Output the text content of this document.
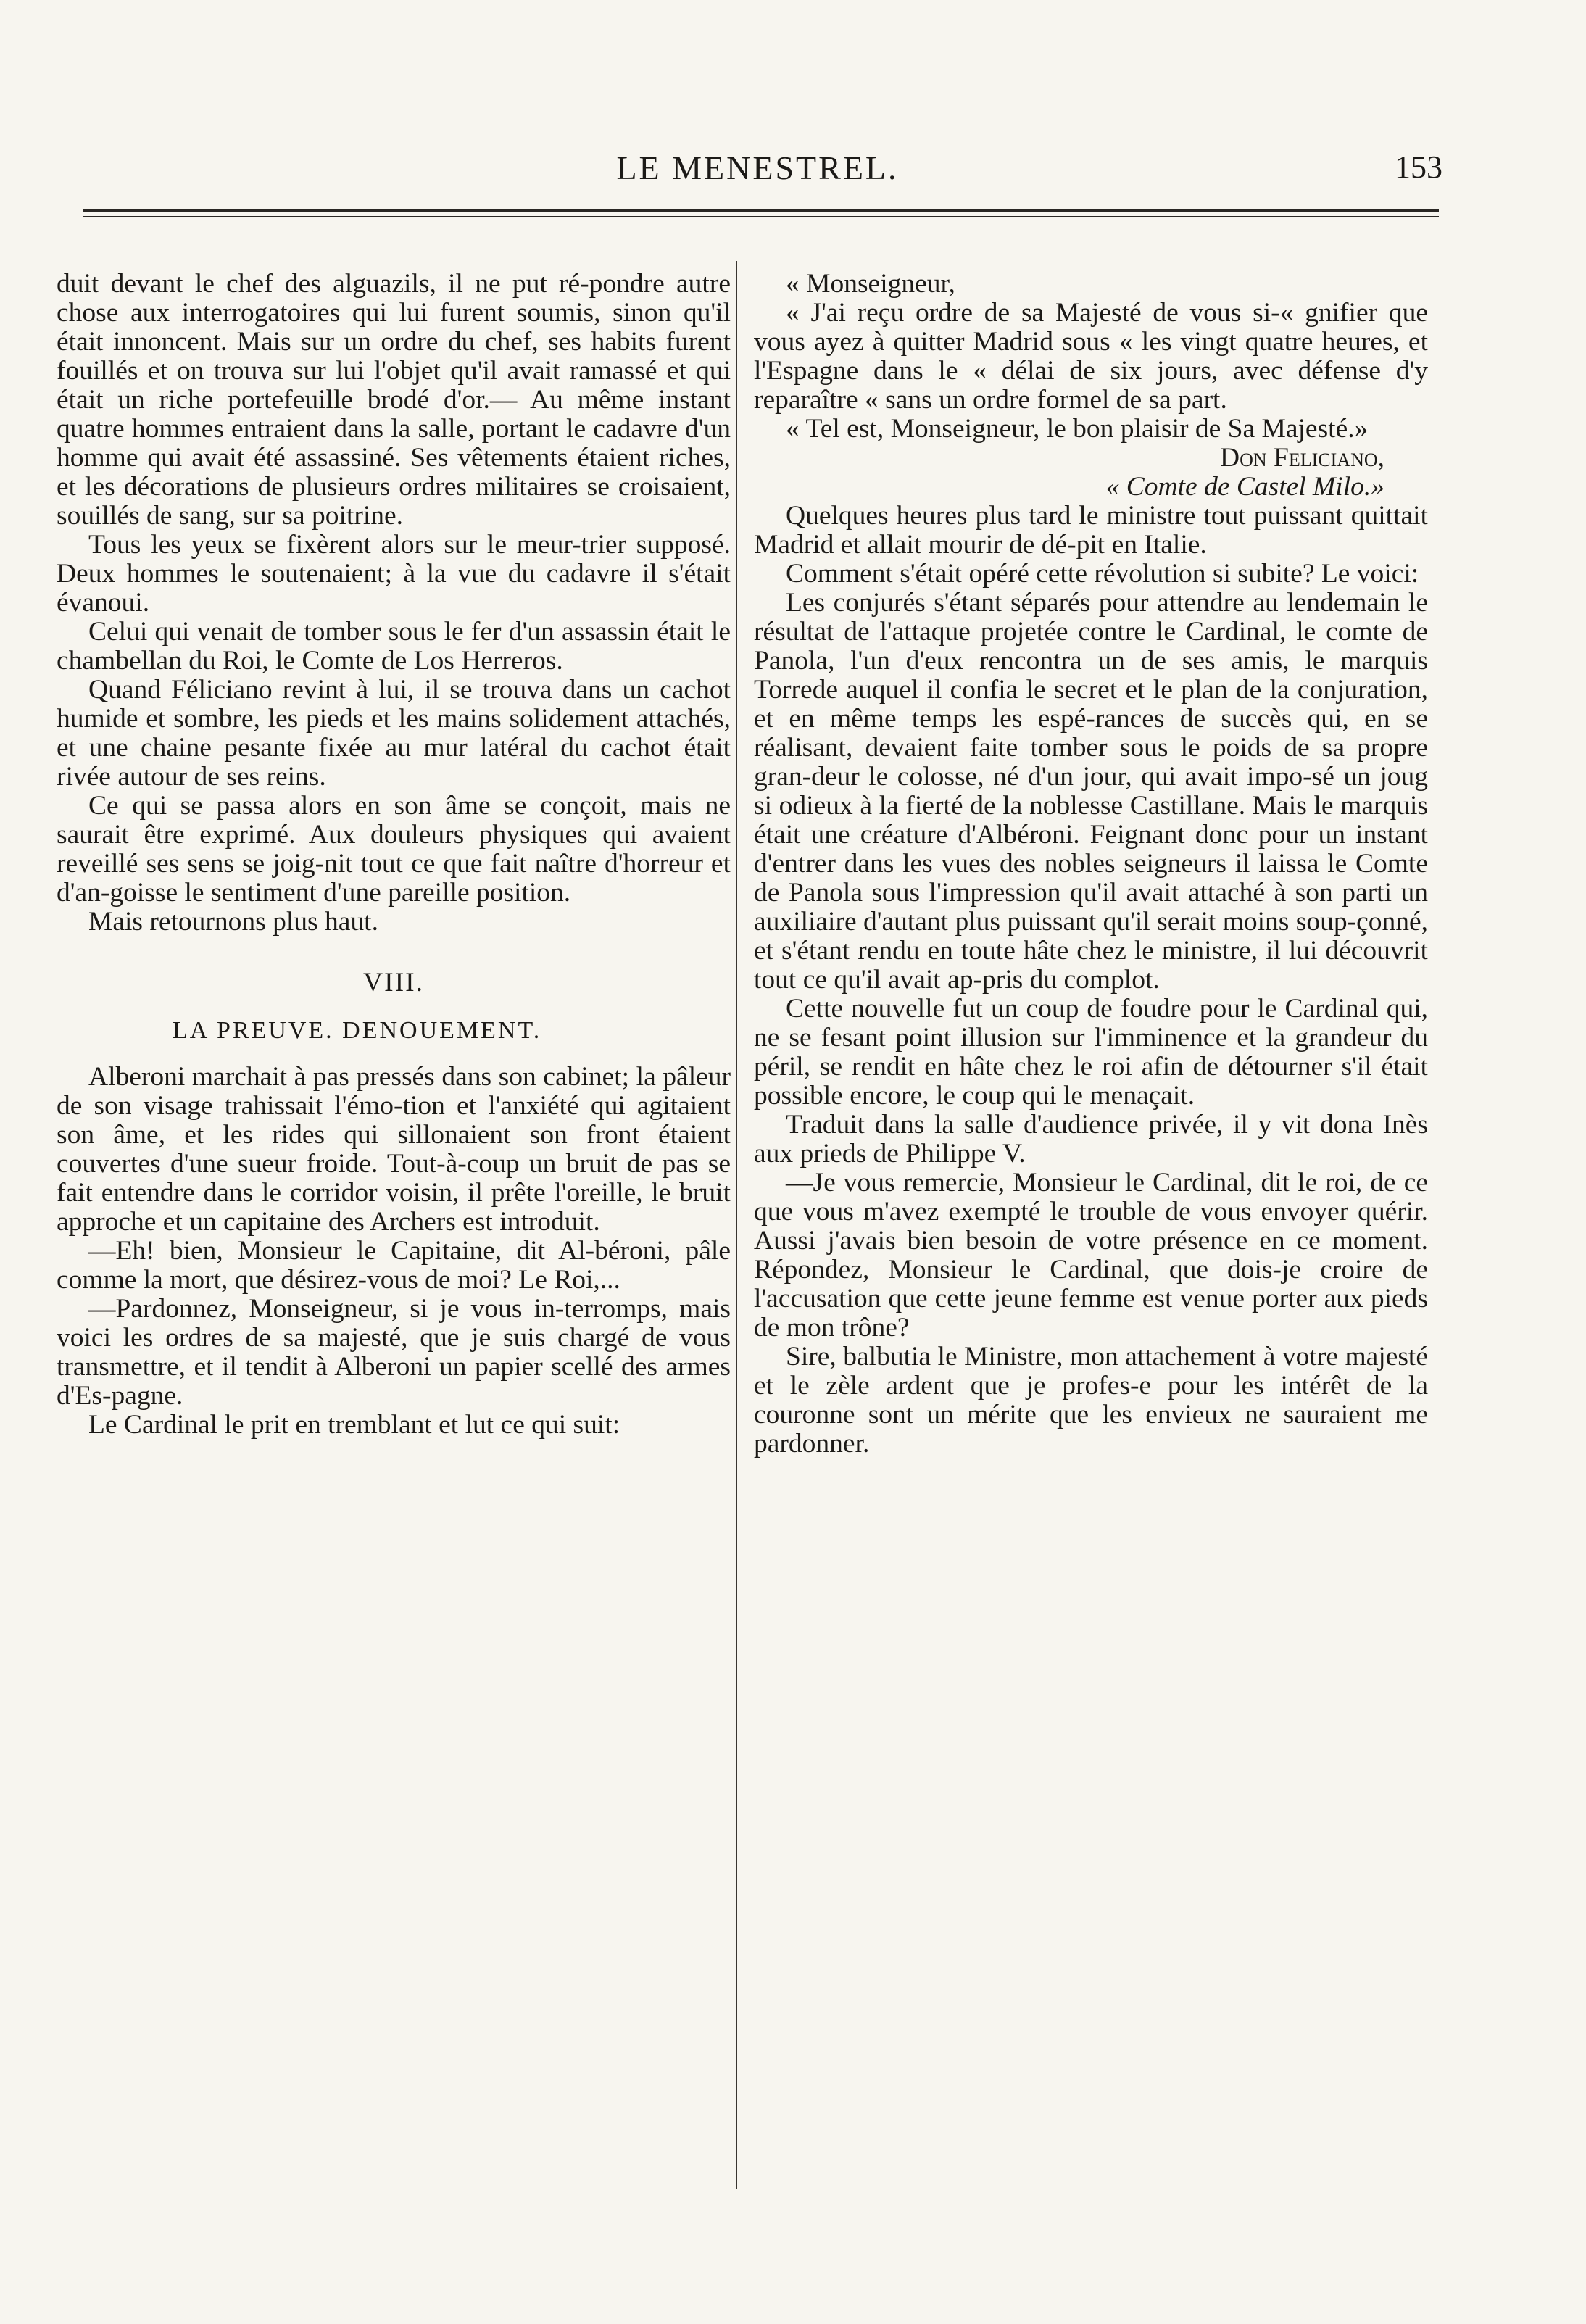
LE MENESTREL.	153

duit devant le chef des alguazils, il ne put ré-pondre autre chose aux interrogatoires qui lui furent soumis, sinon qu'il était innoncent. Mais sur un ordre du chef, ses habits furent fouillés et on trouva sur lui l'objet qu'il avait ramassé et qui était un riche portefeuille brodé d'or.— Au même instant quatre hommes entraient dans la salle, portant le cadavre d'un homme qui avait été assassiné. Ses vêtements étaient riches, et les décorations de plusieurs ordres militaires se croisaient, souillés de sang, sur sa poitrine.

Tous les yeux se fixèrent alors sur le meur-trier supposé. Deux hommes le soutenaient; à la vue du cadavre il s'était évanoui.

Celui qui venait de tomber sous le fer d'un assassin était le chambellan du Roi, le Comte de Los Herreros.

Quand Féliciano revint à lui, il se trouva dans un cachot humide et sombre, les pieds et les mains solidement attachés, et une chaine pesante fixée au mur latéral du cachot était rivée autour de ses reins.

Ce qui se passa alors en son âme se conçoit, mais ne saurait être exprimé. Aux douleurs physiques qui avaient reveillé ses sens se joig-nit tout ce que fait naître d'horreur et d'an-goisse le sentiment d'une pareille position.

Mais retournons plus haut.

VIII.
LA PREUVE. DENOUEMENT.

Alberoni marchait à pas pressés dans son cabinet; la pâleur de son visage trahissait l'émo-tion et l'anxiété qui agitaient son âme, et les rides qui sillonaient son front étaient couvertes d'une sueur froide. Tout-à-coup un bruit de pas se fait entendre dans le corridor voisin, il prête l'oreille, le bruit approche et un capitaine des Archers est introduit.

—Eh! bien, Monsieur le Capitaine, dit Al-béroni, pâle comme la mort, que désirez-vous de moi? Le Roi,...

—Pardonnez, Monseigneur, si je vous in-terromps, mais voici les ordres de sa majesté, que je suis chargé de vous transmettre, et il tendit à Alberoni un papier scellé des armes d'Es-pagne.

Le Cardinal le prit en tremblant et lut ce qui suit:

« Monseigneur,

« J'ai reçu ordre de sa Majesté de vous si-« gnifier que vous ayez à quitter Madrid sous « les vingt quatre heures, et l'Espagne dans le « délai de six jours, avec défense d'y reparaître « sans un ordre formel de sa part.

« Tel est, Monseigneur, le bon plaisir de Sa Majesté.»

Don Feliciano,

« Comte de Castel Milo.»

Quelques heures plus tard le ministre tout puissant quittait Madrid et allait mourir de dé-pit en Italie.

Comment s'était opéré cette révolution si subite? Le voici:

Les conjurés s'étant séparés pour attendre au lendemain le résultat de l'attaque projetée contre le Cardinal, le comte de Panola, l'un d'eux rencontra un de ses amis, le marquis Torrede auquel il confia le secret et le plan de la conjuration, et en même temps les espé-rances de succès qui, en se réalisant, devaient faite tomber sous le poids de sa propre gran-deur le colosse, né d'un jour, qui avait impo-sé un joug si odieux à la fierté de la noblesse Castillane. Mais le marquis était une créature d'Albéroni. Feignant donc pour un instant d'entrer dans les vues des nobles seigneurs il laissa le Comte de Panola sous l'impression qu'il avait attaché à son parti un auxiliaire d'autant plus puissant qu'il serait moins soup-çonné, et s'étant rendu en toute hâte chez le ministre, il lui découvrit tout ce qu'il avait ap-pris du complot.

Cette nouvelle fut un coup de foudre pour le Cardinal qui, ne se fesant point illusion sur l'imminence et la grandeur du péril, se rendit en hâte chez le roi afin de détourner s'il était possible encore, le coup qui le menaçait.

Traduit dans la salle d'audience privée, il y vit dona Inès aux prieds de Philippe V.

—Je vous remercie, Monsieur le Cardinal, dit le roi, de ce que vous m'avez exempté le trouble de vous envoyer quérir. Aussi j'avais bien besoin de votre présence en ce moment. Répondez, Monsieur le Cardinal, que dois-je croire de l'accusation que cette jeune femme est venue porter aux pieds de mon trône?

Sire, balbutia le Ministre, mon attachement à votre majesté et le zèle ardent que je profes-e pour les intérêt de la couronne sont un mérite que les envieux ne sauraient me pardonner.
